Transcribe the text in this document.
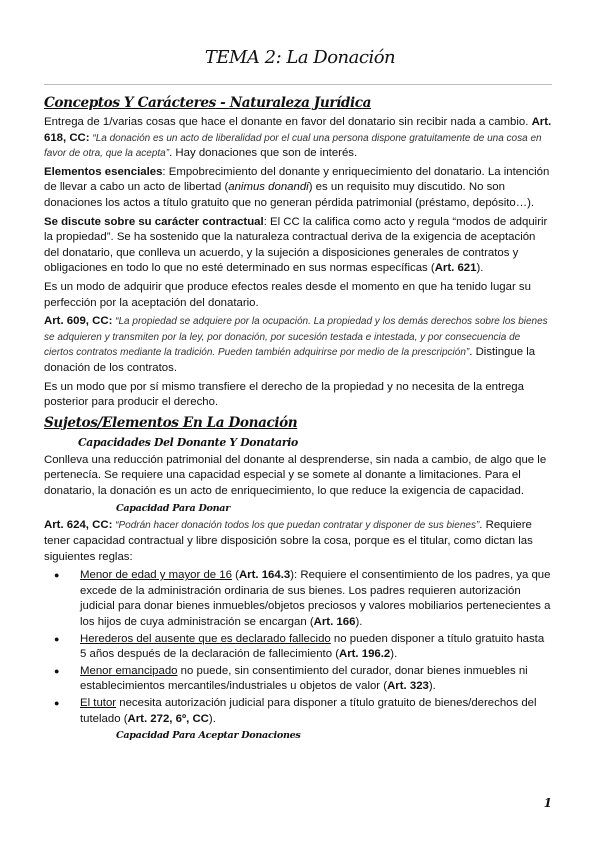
TEMA 2: La Donación
Conceptos Y Carácteres - Naturaleza Jurídica

Entrega de 1/varias cosas que hace el donante en favor del donatario sin recibir nada a cambio. Art. 618, CC: “La donación es un acto de liberalidad por el cual una persona dispone gratuitamente de una cosa en favor de otra, que la acepta”. Hay donaciones que son de interés.

Elementos esenciales: Empobrecimiento del donante y enriquecimiento del donatario. La intención de llevar a cabo un acto de libertad (animus donandi) es un requisito muy discutido. No son donaciones los actos a título gratuito que no generan pérdida patrimonial (préstamo, depósito…).

Se discute sobre su carácter contractual: El CC la califica como acto y regula “modos de adquirir la propiedad”. Se ha sostenido que la naturaleza contractual deriva de la exigencia de aceptación del donatario, que conlleva un acuerdo, y la sujeción a disposiciones generales de contratos y obligaciones en todo lo que no esté determinado en sus normas específicas (Art. 621).

Es un modo de adquirir que produce efectos reales desde el momento en que ha tenido lugar su perfección por la aceptación del donatario.

Art. 609, CC: “La propiedad se adquiere por la ocupación. La propiedad y los demás derechos sobre los bienes se adquieren y transmiten por la ley, por donación, por sucesión testada e intestada, y por consecuencia de ciertos contratos mediante la tradición. Pueden también adquirirse por medio de la prescripción”. Distingue la donación de los contratos.

Es un modo que por sí mismo transfiere el derecho de la propiedad y no necesita de la entrega posterior para producir el derecho.

Sujetos/Elementos En La Donación
Capacidades Del Donante Y Donatario

Conlleva una reducción patrimonial del donante al desprenderse, sin nada a cambio, de algo que le pertenecía. Se requiere una capacidad especial y se somete al donante a limitaciones. Para el donatario, la donación es un acto de enriquecimiento, lo que reduce la exigencia de capacidad.

Capacidad Para Donar

Art. 624, CC: “Podrán hacer donación todos los que puedan contratar y disponer de sus bienes”. Requiere tener capacidad contractual y libre disposición sobre la cosa, porque es el titular, como dictan las siguientes reglas:

● Menor de edad y mayor de 16 (Art. 164.3): Requiere el consentimiento de los padres, ya que excede de la administración ordinaria de sus bienes. Los padres requieren autorización judicial para donar bienes inmuebles/objetos preciosos y valores mobiliarios pertenecientes a los hijos de cuya administración se encargan (Art. 166).
● Herederos del ausente que es declarado fallecido no pueden disponer a título gratuito hasta 5 años después de la declaración de fallecimiento (Art. 196.2).
● Menor emancipado no puede, sin consentimiento del curador, donar bienes inmuebles ni establecimientos mercantiles/industriales u objetos de valor (Art. 323).
● El tutor necesita autorización judicial para disponer a título gratuito de bienes/derechos del tutelado (Art. 272, 6º, CC).
Capacidad Para Aceptar Donaciones
1
